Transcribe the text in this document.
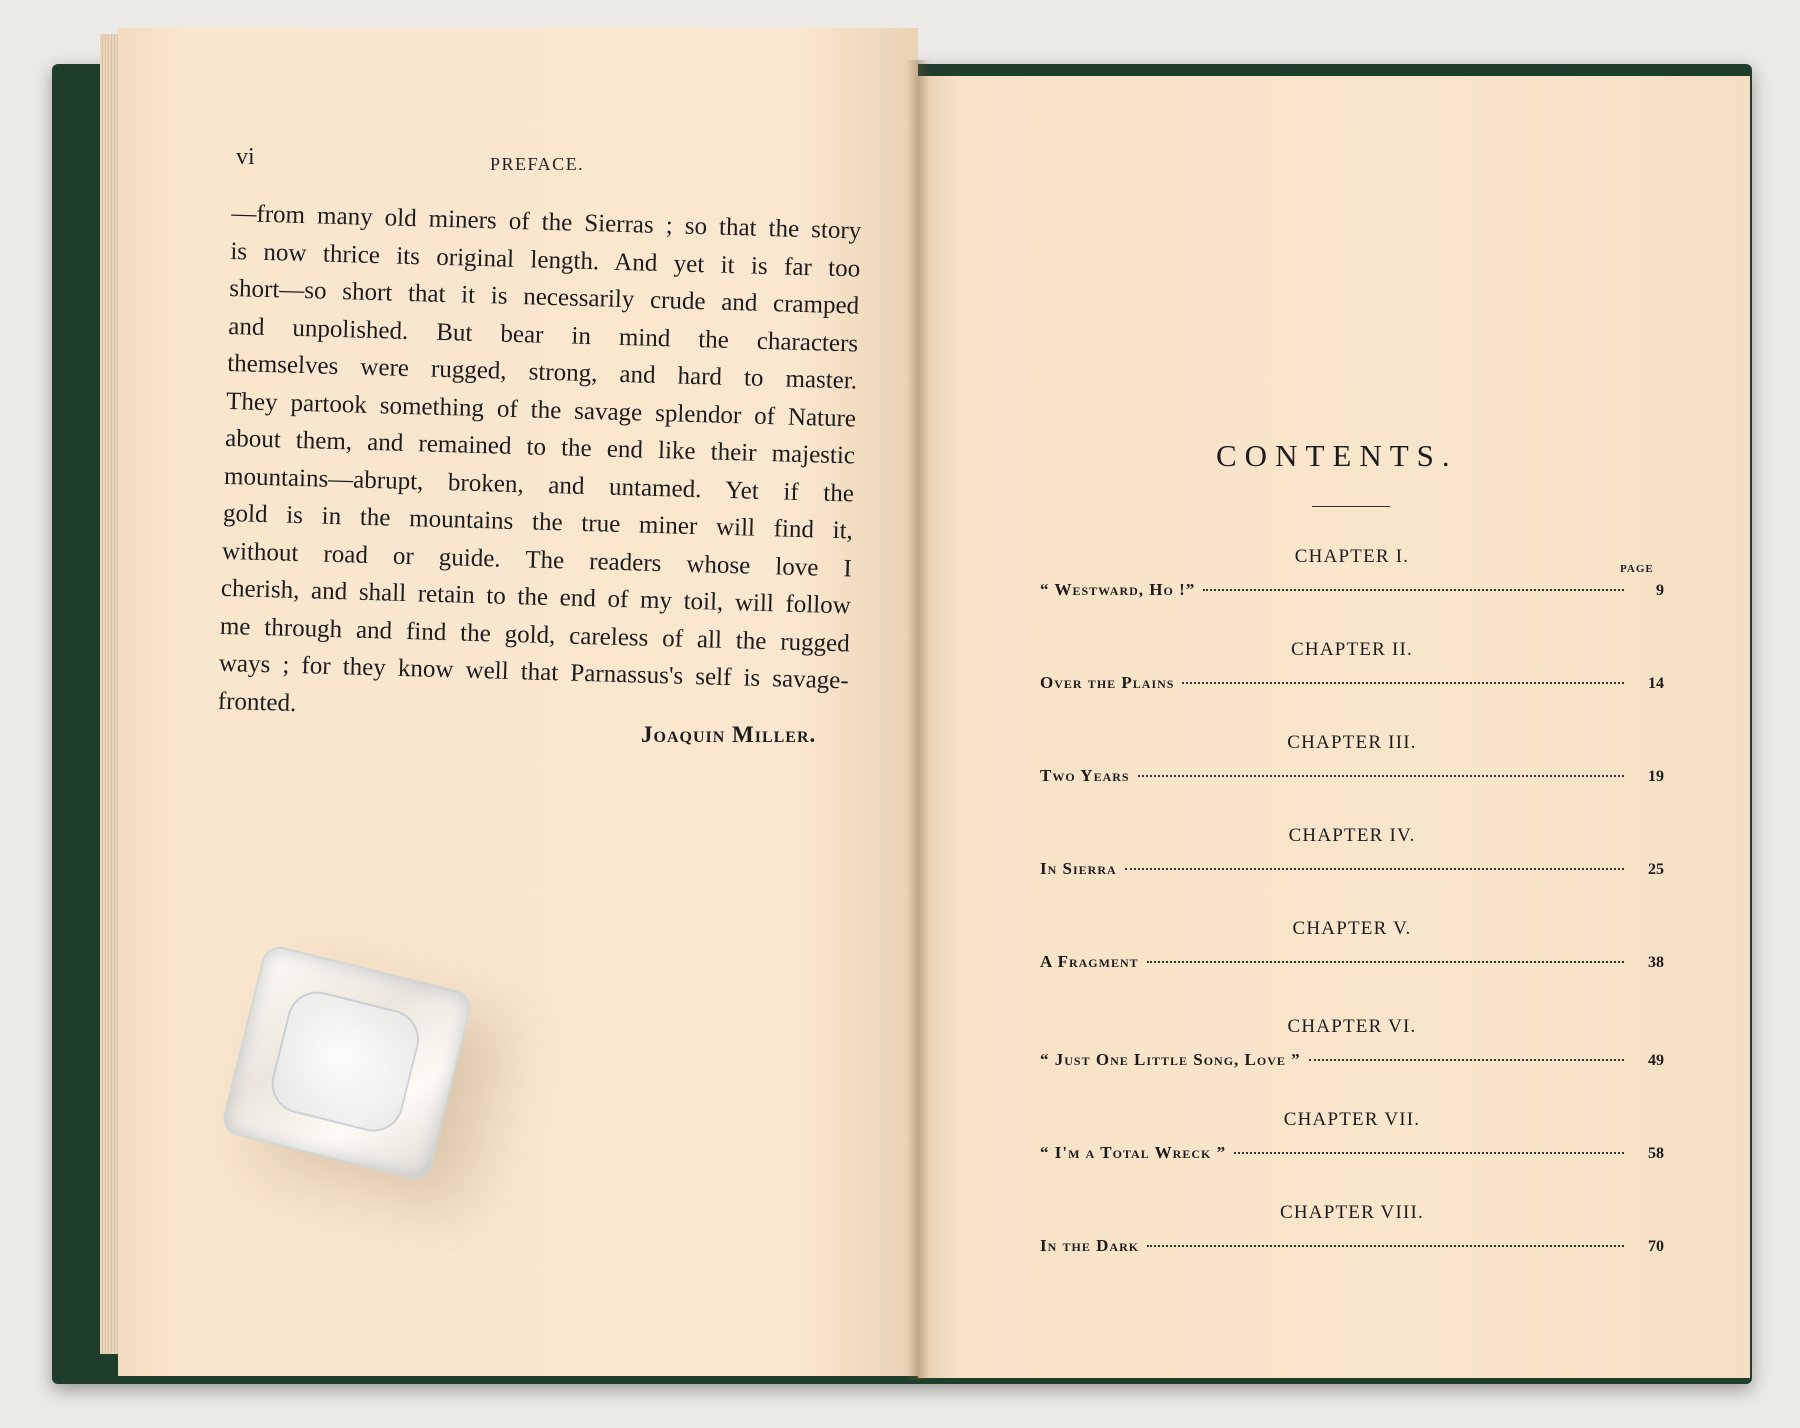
vi	PREFACE.
—from many old miners of the Sierras ; so that the story
is now thrice its original length. And yet it is far too
short—so short that it is necessarily crude and cramped
and unpolished. But bear in mind the characters
themselves were rugged, strong, and hard to master.
They partook something of the savage splendor of Nature
about them, and remained to the end like their majestic
mountains—abrupt, broken, and untamed. Yet if the
gold is in the mountains the true miner will find it,
without road or guide. The readers whose love I
cherish, and shall retain to the end of my toil, will follow
me through and find the gold, careless of all the rugged
ways ; for they know well that Parnassus's self is savage-
fronted.
Joaquin Miller.
CONTENTS.
PAGE
CHAPTER I.
“ Westward, Ho !”	9
CHAPTER II.
Over the Plains	14
CHAPTER III.
Two Years	19
CHAPTER IV.
In Sierra	25
CHAPTER V.
A Fragment	38
CHAPTER VI.
“ Just One Little Song, Love ”	49
CHAPTER VII.
“ I'm a Total Wreck ”	58
CHAPTER VIII.
In the Dark	70
